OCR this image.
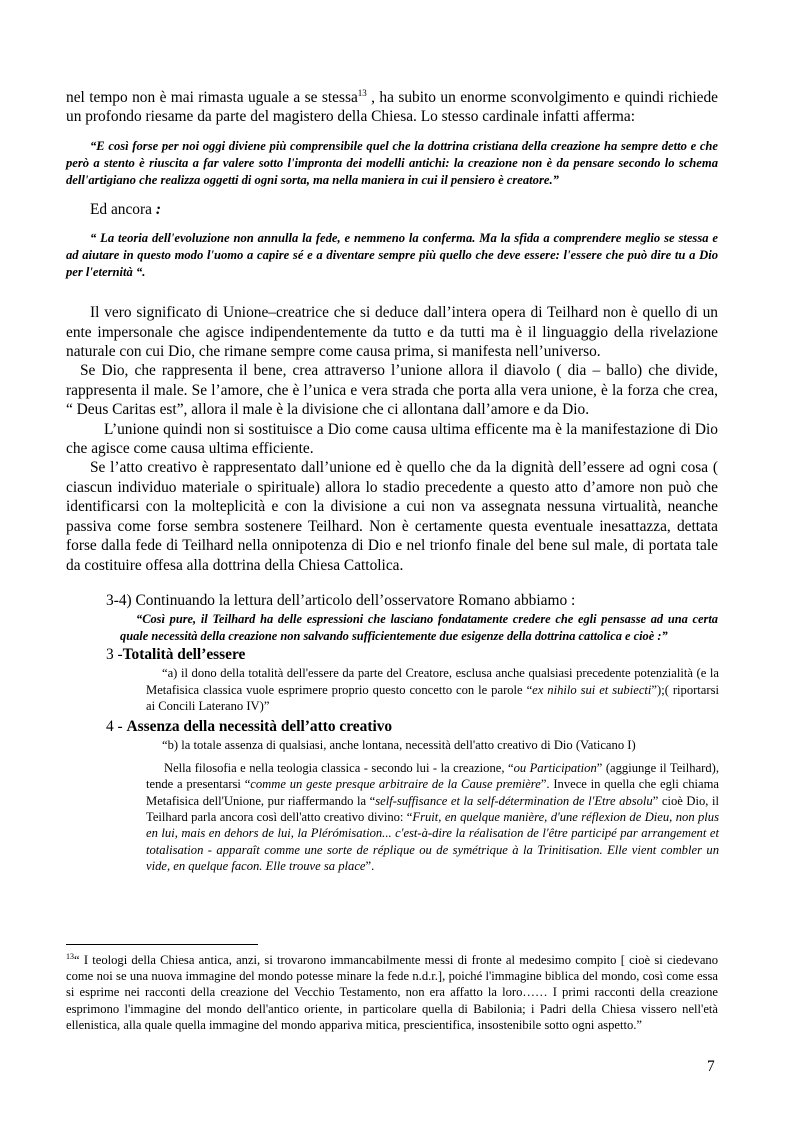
nel tempo non è mai rimasta uguale a se stessa$^{13}$ , ha subito un enorme sconvolgimento e quindi richiede un profondo riesame da parte del magistero della Chiesa. Lo stesso cardinale infatti afferma:

“E così forse per noi oggi diviene più comprensibile quel che la dottrina cristiana della creazione ha sempre detto e che però a stento è riuscita a far valere sotto l'impronta dei modelli antichi: la creazione non è da pensare secondo lo schema dell'artigiano che realizza oggetti di ogni sorta, ma nella maniera in cui il pensiero è creatore.”

Ed ancora :

“ La teoria dell'evoluzione non annulla la fede, e nemmeno la conferma. Ma la sfida a comprendere meglio se stessa e ad aiutare in questo modo l'uomo a capire sé e a diventare sempre più quello che deve essere: l'essere che può dire tu a Dio per l'eternità “.

Il vero significato di Unione–creatrice che si deduce dall’intera opera di Teilhard non è quello di un ente impersonale che agisce indipendentemente da tutto e da tutti ma è il linguaggio della rivelazione naturale con cui Dio, che rimane sempre come causa prima, si manifesta nell’universo.

Se Dio, che rappresenta il bene, crea attraverso l’unione allora il diavolo ( dia – ballo) che divide, rappresenta il male. Se l’amore, che è l’unica e vera strada che porta alla vera unione, è la forza che crea, “ Deus Caritas est”, allora il male è la divisione che ci allontana dall’amore e da Dio.

L’unione quindi non si sostituisce a Dio come causa ultima efficente ma è la manifestazione di Dio che agisce come causa ultima efficiente.

Se l’atto creativo è rappresentato dall’unione ed è quello che da la dignità dell’essere ad ogni cosa ( ciascun individuo materiale o spirituale) allora lo stadio precedente a questo atto d’amore non può che identificarsi con la molteplicità e con la divisione a cui non va assegnata nessuna virtualità, neanche passiva come forse sembra sostenere Teilhard. Non è certamente questa eventuale inesattazza, dettata forse dalla fede di Teilhard nella onnipotenza di Dio e nel trionfo finale del bene sul male, di portata tale da costituire offesa alla dottrina della Chiesa Cattolica.

3-4) Continuando la lettura dell’articolo dell’osservatore Romano abbiamo :

“Così pure, il Teilhard ha delle espressioni che lasciano fondatamente credere che egli pensasse ad una certa quale necessità della creazione non salvando sufficientemente due esigenze della dottrina cattolica e cioè :”

3 -Totalità dell’essere

“a) il dono della totalità dell'essere da parte del Creatore, esclusa anche qualsiasi precedente potenzialità (e la Metafisica classica vuole esprimere proprio questo concetto con le parole “ex nihilo sui et subiecti”);( riportarsi ai Concili Laterano IV)”

4 - Assenza della necessità dell’atto creativo

“b) la totale assenza di qualsiasi, anche lontana, necessità dell'atto creativo di Dio (Vaticano I)

Nella filosofia e nella teologia classica - secondo lui - la creazione, “ou Participation” (aggiunge il Teilhard), tende a presentarsi “comme un geste presque arbitraire de la Cause première”. Invece in quella che egli chiama Metafisica dell'Unione, pur riaffermando la “self-suffisance et la self-détermination de l'Etre absolu” cioè Dio, il Teilhard parla ancora così dell'atto creativo divino: “Fruit, en quelque manière, d'une réflexion de Dieu, non plus en lui, mais en dehors de lui, la Plérómisation... c'est-à-dire la réalisation de l'être participé par arrangement et totalisation - apparaît comme une sorte de réplique ou de symétrique à la Trinitisation. Elle vient combler un vide, en quelque facon. Elle trouve sa place”.

$^{13}$“ I teologi della Chiesa antica, anzi, si trovarono immancabilmente messi di fronte al medesimo compito [ cioè si ciedevano come noi se una nuova immagine del mondo potesse minare la fede n.d.r.], poiché l'immagine biblica del mondo, così come essa si esprime nei racconti della creazione del Vecchio Testamento, non era affatto la loro…… I primi racconti della creazione esprimono l'immagine del mondo dell'antico oriente, in particolare quella di Babilonia; i Padri della Chiesa vissero nell'età ellenistica, alla quale quella immagine del mondo appariva mitica, prescientifica, insostenibile sotto ogni aspetto.”

7
